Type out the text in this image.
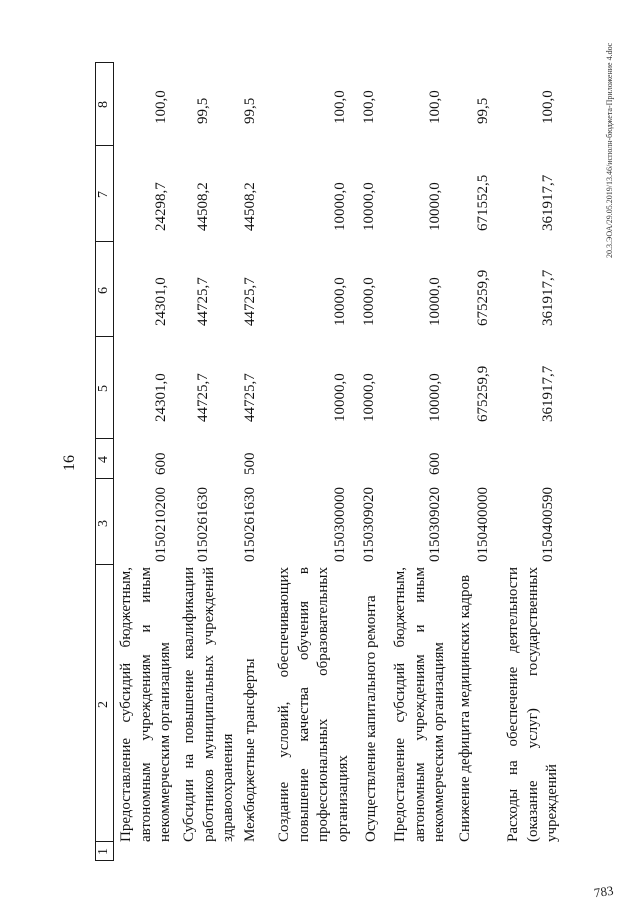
16
20.3.ЭОА/29.05.2019/13.46/исполн-бюджета-Приложение 4.doc
783
1
2
3
4
5
6
7
8
Предоставление субсидий бюджетным, автономным учреждениям и иным некоммерческим организациям
0150210200
600
24301,0
24301,0
24298,7
100,0
Субсидии на повышение квалификации работников муниципальных учреждений здравоохранения
0150261630
44725,7
44725,7
44508,2
99,5
Межбюджетные трансферты
0150261630
500
44725,7
44725,7
44508,2
99,5
Создание условий, обеспечивающих повышение качества обучения в профессиональных образовательных организациях
0150300000
10000,0
10000,0
10000,0
100,0
Осуществление капитального ремонта
0150309020
10000,0
10000,0
10000,0
100,0
Предоставление субсидий бюджетным, автономным учреждениям и иным некоммерческим организациям
0150309020
600
10000,0
10000,0
10000,0
100,0
Снижение дефицита медицинских кадров
0150400000
675259,9
675259,9
671552,5
99,5
Расходы на обеспечение деятельности (оказание услуг) государственных учреждений
0150400590
361917,7
361917,7
361917,7
100,0
